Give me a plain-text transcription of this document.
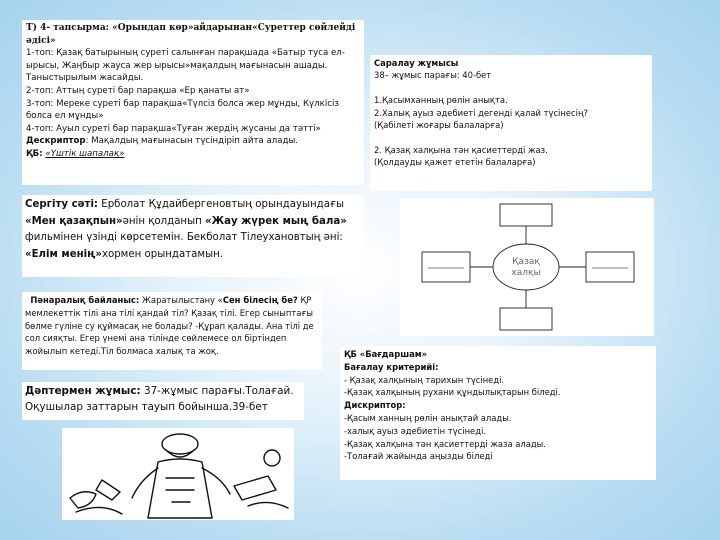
Т) 4- тапсырма: «Орындап көр»айдарынан«Суреттер сөйлейді әдісі»

1-топ: Қазақ батырының суреті салынған парақшада «Батыр туса ел-ырысы, Жаңбыр жауса жер ырысы»мақалдың мағынасын ашады. Таныстырылым жасайды.

2-топ: Аттың суреті бар парақша «Ер қанаты ат»

3-топ: Мереке суреті бар парақша«Түлсіз болса жер мұнды, Күлкісіз болса ел мұнды»

4-топ: Ауыл суреті бар парақша«Туған жердің жусаны да тәтті»

Дескриптор: Мақалдың мағынасын түсіндіріп айта алады.

ҚБ: «Үштік шапалақ»

Саралау жұмысы

38– жұмыс парағы: 40-бет

1.Қасымханның рөлін анықта.

2.Халық ауыз әдебиеті дегенді қалай түсінесің?

(Қабілеті жоғары балаларға)

2. Қазақ халқына тән қасиеттерді жаз.

(Қолдауды қажет ететін балаларға)

Сергіту сәті: Ерболат Құдайбергеновтың орындауындағы
«Мен қазақпын»әнін қолданып «Жау жүрек мың бала» фильмінен үзінді көрсетемін. Бекболат Тілеухановтың әні: «Елім менің»хормен орындатамын.

Қазақ
халқы

Пәнаралық байланыс: Жаратылыстану «Сен білесің бе? ҚР мемлекеттік тілі ана тілі қандай тіл? Қазақ тілі. Егер сыныптағы бөлме гүліне су құймасақ не болады? -Құрап қалады. Ана тілі де сол сияқты. Егер үнемі ана тілінде сөйлемесе ол біртіндеп жойылып кетеді.Тіл болмаса халық та жоқ.	ҚБ «Бағдаршам»

Бағалау критерийі:

- Қазақ халқының тарихын түсінеді.

-Қазақ халқының рухани құндылықтарын біледі.

Дискриптор:

-Қасым ханның рөлін анықтай алады.

-халық ауыз әдебиетін түсінеді.

-Қазақ халқына тән қасиеттерді жаза алады.

-Толағай жайында аңызды біледі

Дәптермен жұмыс: 37-жұмыс парағы.Толағай. Оқушылар заттарын тауып бойынша.39-бет
